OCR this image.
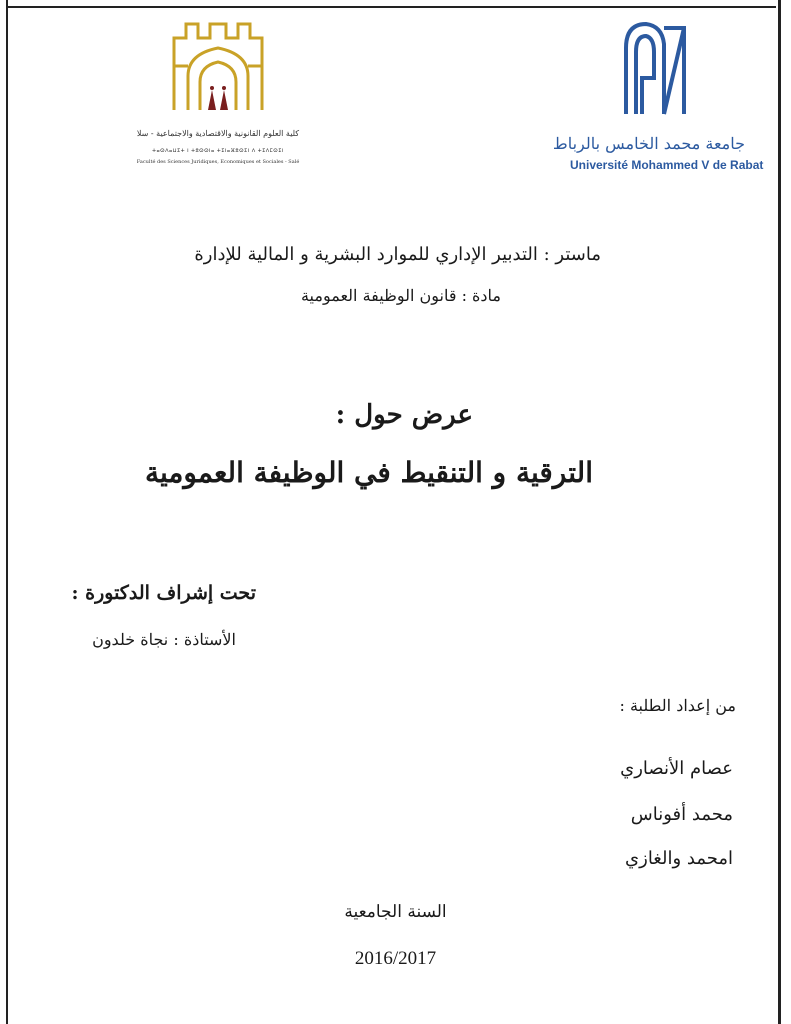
كلية العلوم القانونية والاقتصادية والاجتماعية - سلا
ⵜⴰⵙⴷⴰⵡⵉⵜ ⵏ ⵜⵓⵙⵙⵏⴰ ⵜⵉⵏⴰⴼⵓⵙⵉⵏ ⴷ ⵜⵉⴷⵎⵙⵉⵏ
Faculté des Sciences Juridiques, Economiques et Sociales - Salé
جامعة محمد الخامس بالرباط
Université Mohammed V de Rabat
ماستر : التدبير الإداري للموارد البشرية و المالية للإدارة
مادة : قانون الوظيفة العمومية
عرض حول :
الترقية و التنقيط في الوظيفة العمومية
تحت إشراف الدكتورة :
الأستاذة : نجاة خلدون
من إعداد الطلبة :
عصام الأنصاري
محمد أفوناس
امحمد والغازي
السنة الجامعية
2016/2017
